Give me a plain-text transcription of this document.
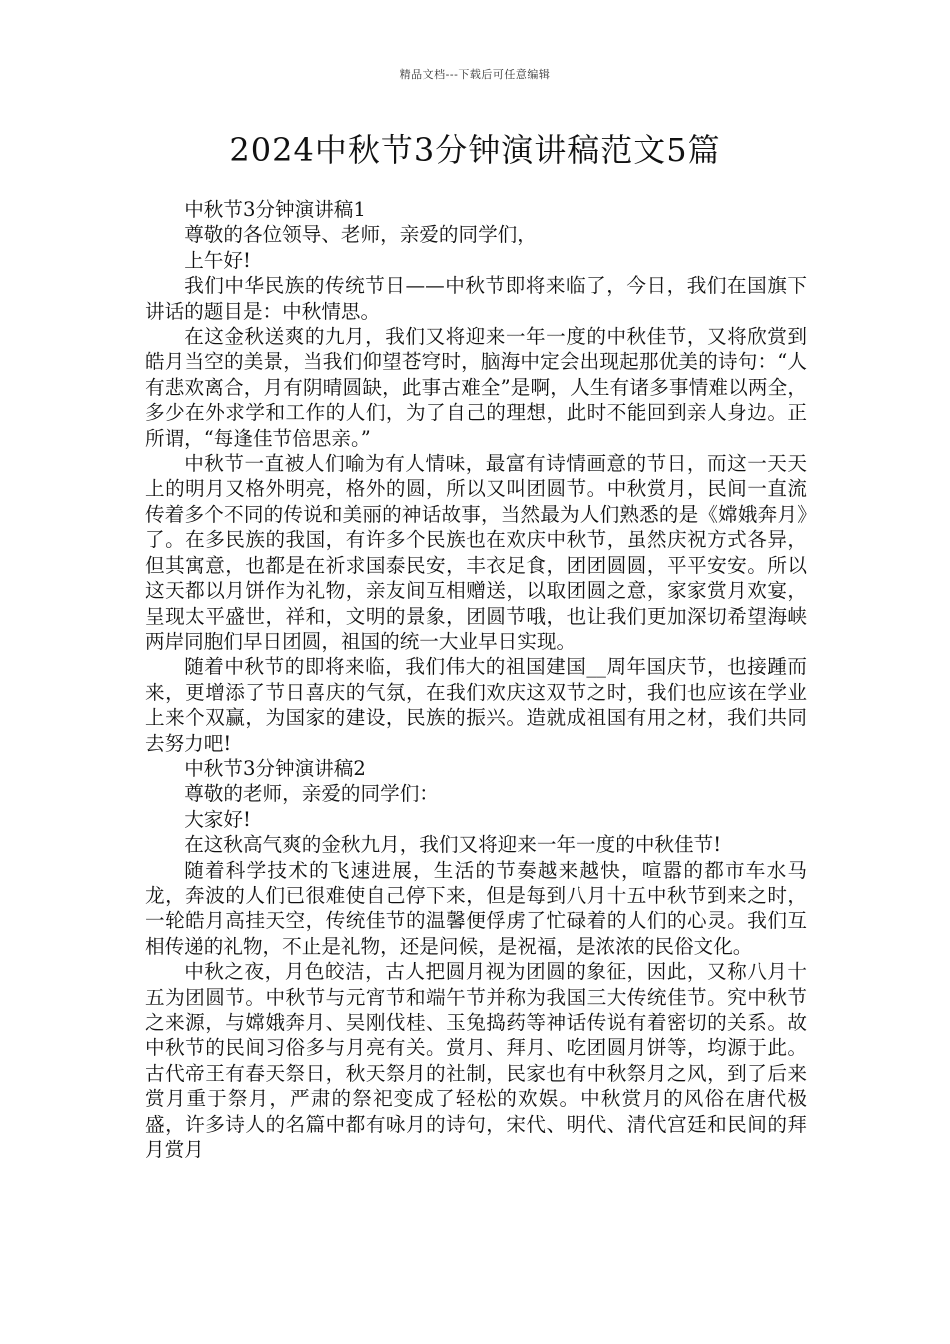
精品文档---下载后可任意编辑
2024中秋节3分钟演讲稿范文5篇

中秋节3分钟演讲稿1

尊敬的各位领导、老师，亲爱的同学们，

上午好!

我们中华民族的传统节日——中秋节即将来临了，今日，我们在国旗下讲话的题目是：中秋情思。

在这金秋送爽的九月，我们又将迎来一年一度的中秋佳节，又将欣赏到皓月当空的美景，当我们仰望苍穹时，脑海中定会出现起那优美的诗句：“人有悲欢离合，月有阴晴圆缺，此事古难全”是啊，人生有诸多事情难以两全，多少在外求学和工作的人们，为了自己的理想，此时不能回到亲人身边。正所谓，“每逢佳节倍思亲。”

中秋节一直被人们喻为有人情味，最富有诗情画意的节日，而这一天天上的明月又格外明亮，格外的圆，所以又叫团圆节。中秋赏月，民间一直流传着多个不同的传说和美丽的神话故事，当然最为人们熟悉的是《嫦娥奔月》了。在多民族的我国，有许多个民族也在欢庆中秋节，虽然庆祝方式各异，但其寓意，也都是在祈求国泰民安，丰衣足食，团团圆圆，平平安安。所以这天都以月饼作为礼物，亲友间互相赠送，以取团圆之意，家家赏月欢宴，呈现太平盛世，祥和，文明的景象，团圆节哦，也让我们更加深切希望海峡两岸同胞们早日团圆，祖国的统一大业早日实现。

随着中秋节的即将来临，我们伟大的祖国建国__周年国庆节，也接踵而来，更增添了节日喜庆的气氛，在我们欢庆这双节之时，我们也应该在学业上来个双赢，为国家的建设，民族的振兴。造就成祖国有用之材，我们共同去努力吧!

中秋节3分钟演讲稿2

尊敬的老师，亲爱的同学们：

大家好!

在这秋高气爽的金秋九月，我们又将迎来一年一度的中秋佳节!

随着科学技术的飞速进展，生活的节奏越来越快，喧嚣的都市车水马龙，奔波的人们已很难使自己停下来，但是每到八月十五中秋节到来之时，一轮皓月高挂天空，传统佳节的温馨便俘虏了忙碌着的人们的心灵。我们互相传递的礼物，不止是礼物，还是问候，是祝福，是浓浓的民俗文化。

中秋之夜，月色皎洁，古人把圆月视为团圆的象征，因此，又称八月十五为团圆节。中秋节与元宵节和端午节并称为我国三大传统佳节。究中秋节之来源，与嫦娥奔月、吴刚伐桂、玉兔捣药等神话传说有着密切的关系。故中秋节的民间习俗多与月亮有关。赏月、拜月、吃团圆月饼等，均源于此。古代帝王有春天祭日，秋天祭月的社制，民家也有中秋祭月之风，到了后来赏月重于祭月，严肃的祭祀变成了轻松的欢娱。中秋赏月的风俗在唐代极盛，许多诗人的名篇中都有咏月的诗句，宋代、明代、清代宫廷和民间的拜月赏月
